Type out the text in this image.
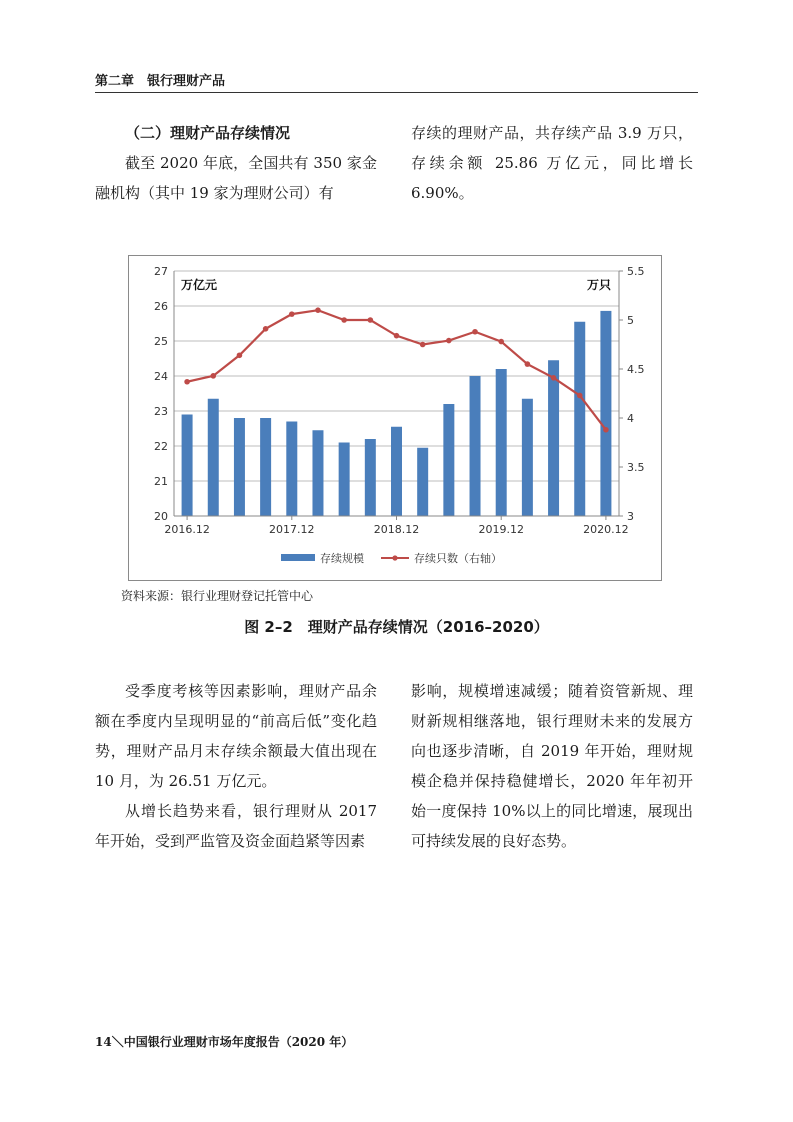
第二章　银行理财产品

（二）理财产品存续情况

截至 2020 年底，全国共有 350 家金融机构（其中 19 家为理财公司）有

存续的理财产品，共存续产品 3.9 万只，存续余额 25.86 万亿元，同比增长 6.90%。

20
21
22
23
24
25
26
27
3
3.5
4
4.5
5
5.5
2016.12	2017.12	2018.12	2019.12	2020.12
万亿元	万只
存续规模	存续只数（右轴）
资料来源：银行业理财登记托管中心
图 2–2　理财产品存续情况（2016–2020）

受季度考核等因素影响，理财产品余额在季度内呈现明显的“前高后低”变化趋势，理财产品月末存续余额最大值出现在 10 月，为 26.51 万亿元。

从增长趋势来看，银行理财从 2017 年开始，受到严监管及资金面趋紧等因素

影响，规模增速减缓；随着资管新规、理财新规相继落地，银行理财未来的发展方向也逐步清晰，自 2019 年开始，理财规模企稳并保持稳健增长，2020 年年初开始一度保持 10%以上的同比增速，展现出可持续发展的良好态势。

14＼中国银行业理财市场年度报告（2020 年）
